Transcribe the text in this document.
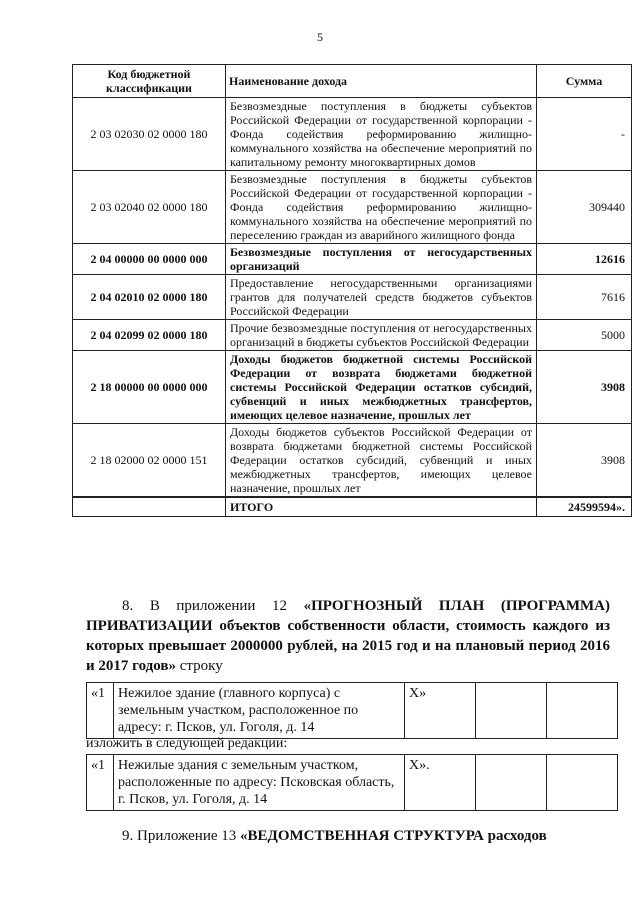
5
Код бюджетной классификации	Наименование дохода	Сумма
2 03 02030 02 0000 180	Безвозмездные поступления в бюджеты субъектов Российской Федерации от государственной корпорации - Фонда содействия реформированию жилищно-коммунального хозяйства на обеспечение мероприятий по капитальному ремонту многоквартирных домов	-
2 03 02040 02 0000 180	Безвозмездные поступления в бюджеты субъектов Российской Федерации от государственной корпорации - Фонда содействия реформированию жилищно-коммунального хозяйства на обеспечение мероприятий по переселению граждан из аварийного жилищного фонда	309440
2 04 00000 00 0000 000	Безвозмездные поступления от негосударственных организаций	12616
2 04 02010 02 0000 180	Предоставление негосударственными организациями грантов для получателей средств бюджетов субъектов Российской Федерации	7616
2 04 02099 02 0000 180	Прочие безвозмездные поступления от негосударственных организаций в бюджеты субъектов Российской Федерации	5000
2 18 00000 00 0000 000	Доходы бюджетов бюджетной системы Российской Федерации от возврата бюджетами бюджетной системы Российской Федерации остатков субсидий, субвенций и иных межбюджетных трансфертов, имеющих целевое назначение, прошлых лет	3908
2 18 02000 02 0000 151	Доходы бюджетов субъектов Российской Федерации от возврата бюджетами бюджетной системы Российской Федерации остатков субсидий, субвенций и иных межбюджетных трансфертов, имеющих целевое назначение, прошлых лет	3908
	ИТОГО	24599594».
8. В приложении 12 «ПРОГНОЗНЫЙ ПЛАН (ПРОГРАММА) ПРИВАТИЗАЦИИ объектов собственности области, стоимость каждого из которых превышает 2000000 рублей, на 2015 год и на плановый период 2016 и 2017 годов» строку
«1	Нежилое здание (главного корпуса) с земельным участком, расположенное по адресу: г. Псков, ул. Гоголя, д. 14	Х»		
изложить в следующей редакции:
«1	Нежилые здания с земельным участком, расположенные по адресу: Псковская область, г. Псков, ул. Гоголя, д. 14	Х».		
9. Приложение 13 «ВЕДОМСТВЕННАЯ СТРУКТУРА расходов
